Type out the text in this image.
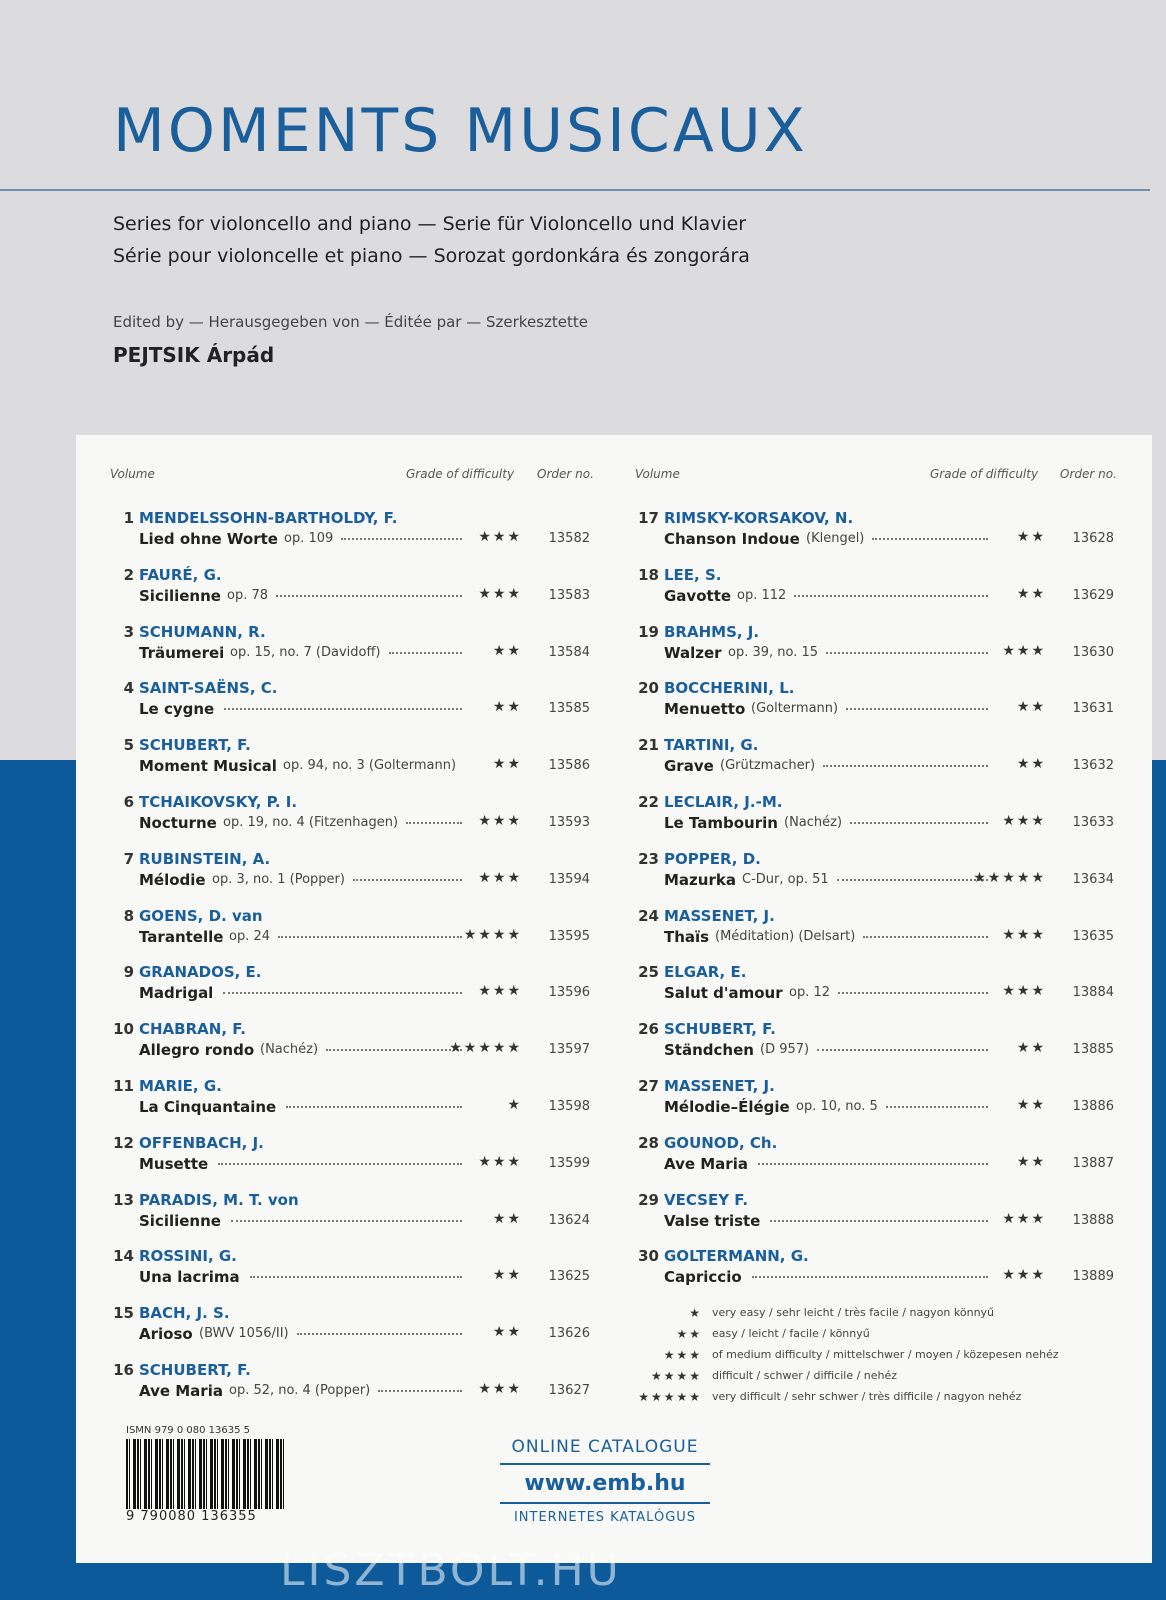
MOMENTS MUSICAUX
Series for violoncello and piano — Serie für Violoncello und Klavier
Série pour violoncelle et piano — Sorozat gordonkára és zongorára
Edited by — Herausgegeben von — Éditée par — Szerkesztette
PEJTSIK Árpád
Volume	Grade of difficulty Order no.	Volume	Grade of difficulty Order no.
1 MENDELSSOHN-BARTHOLDY, F.
Lied ohne Worte op. 109	★★★	13582
2 FAURÉ, G.
Sicilienne op. 78	★★★	13583
3 SCHUMANN, R.
Träumerei op. 15, no. 7 (Davidoff)	★★	13584
4 SAINT-SAËNS, C.
Le cygne	★★	13585
5 SCHUBERT, F.
Moment Musical op. 94, no. 3 (Goltermann)	★★	13586
6 TCHAIKOVSKY, P. I.
Nocturne op. 19, no. 4 (Fitzenhagen)	★★★	13593
7 RUBINSTEIN, A.
Mélodie op. 3, no. 1 (Popper)	★★★	13594
8 GOENS, D. van
Tarantelle op. 24	★★★★	13595
9 GRANADOS, E.
Madrigal	★★★	13596
10 CHABRAN, F.
Allegro rondo (Nachéz)	★★★★★	13597
11 MARIE, G.
La Cinquantaine	★	13598
12 OFFENBACH, J.
Musette	★★★	13599
13 PARADIS, M. T. von
Sicilienne	★★	13624
14 ROSSINI, G.
Una lacrima	★★	13625
15 BACH, J. S.
Arioso (BWV 1056/II)	★★	13626
16 SCHUBERT, F.
Ave Maria op. 52, no. 4 (Popper)	★★★	13627
17 RIMSKY-KORSAKOV, N.
Chanson Indoue (Klengel)	★★	13628
18 LEE, S.
Gavotte op. 112	★★	13629
19 BRAHMS, J.
Walzer op. 39, no. 15	★★★	13630
20 BOCCHERINI, L.
Menuetto (Goltermann)	★★	13631
21 TARTINI, G.
Grave (Grützmacher)	★★	13632
22 LECLAIR, J.-M.
Le Tambourin (Nachéz)	★★★	13633
23 POPPER, D.
Mazurka C-Dur, op. 51	★★★★★	13634
24 MASSENET, J.
Thaïs (Méditation) (Delsart)	★★★	13635
25 ELGAR, E.
Salut d'amour op. 12	★★★	13884
26 SCHUBERT, F.
Ständchen (D 957)	★★	13885
27 MASSENET, J.
Mélodie–Élégie op. 10, no. 5	★★	13886
28 GOUNOD, Ch.
Ave Maria	★★	13887
29 VECSEY F.
Valse triste	★★★	13888
30 GOLTERMANN, G.
Capriccio	★★★	13889
★ very easy / sehr leicht / très facile / nagyon könnyű
★★ easy / leicht / facile / könnyű
★★★ of medium difficulty / mittelschwer / moyen / közepesen nehéz
★★★★ difficult / schwer / difficile / nehéz
★★★★★ very difficult / sehr schwer / très difficile / nagyon nehéz
ISMN 979 0 080 13635 5
9 790080 136355
ONLINE CATALOGUE
www.emb.hu
INTERNETES KATALÓGUS
LISZTBOLT.HU
